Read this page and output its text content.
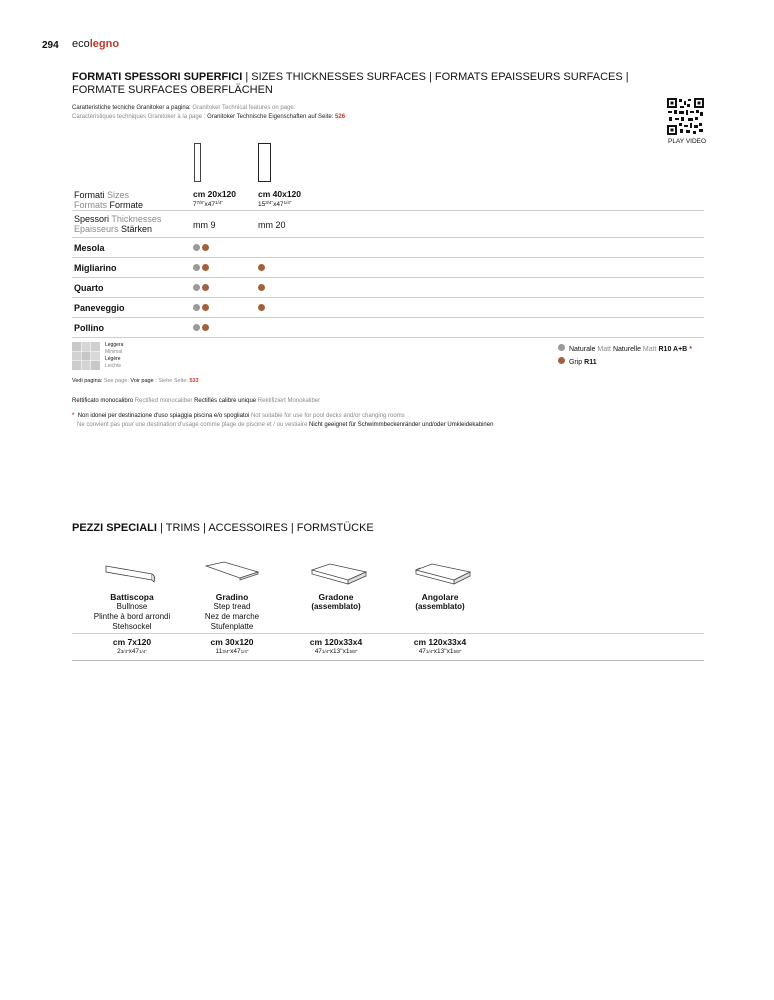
294 ecolegno
FORMATI SPESSORI SUPERFICI | SIZES THICKNESSES SURFACES | FORMATS EPAISSEURS SURFACES |
FORMATE SURFACES OBERFLÄCHEN
Caratteristiche tecniche Granitoker a pagina: Granitoker Technical features on page:
Caractéristiques techniques Granitoker à la page : Granitoker Technische Eigenschaften auf Seite: 526
PLAY VIDEO
Formati Sizes
Formats Formate
cm 20x120
$7^{7/8"}x47^{1/4"}$
cm 40x120
$15^{3/4"}x47^{1/4"}$
Spessori Thicknesses
Epaisseurs Stärken	mm 9	mm 20
Mesola
Migliarino
Quarto
Paneveggio
Pollino
Leggera
Minimal
Légère
Leichte
Naturale Matt Naturelle Matt R10 A+B *
Grip R11
Vedi pagina: See page: Voir page : Siehe Seite: 533
Rettificato monocalibro Rectified monocaliber Rectifiés calibre unique Rektifiziert Monokaliber
* Non idonei per destinazione d'uso spiaggia piscina e/o spogliatoi Not suitable for use for pool decks and/or changing rooms
Ne convient pas pour une destination d'usage comme plage de piscine et / ou vestiaire Nicht geeignet für Schwimmbeckenränder und/oder Umkleidekabinen
PEZZI SPECIALI | TRIMS | ACCESSOIRES | FORMSTÜCKE
Battiscopa
Bullnose
Plinthe à bord arrondi
Stehsockel
cm 7x120
$2^{3/4"}x47^{1/4"}$
Gradino
Step tread
Nez de marche
Stufenplatte
cm 30x120
$11^{3/4"}x47^{1/4"}$
Gradone
(assemblato)
cm 120x33x4
$47^{1/4"}x13"x1^{5/8"}$
Angolare
(assemblato)
cm 120x33x4
$47^{1/4"}x13"x1^{5/8"}$
